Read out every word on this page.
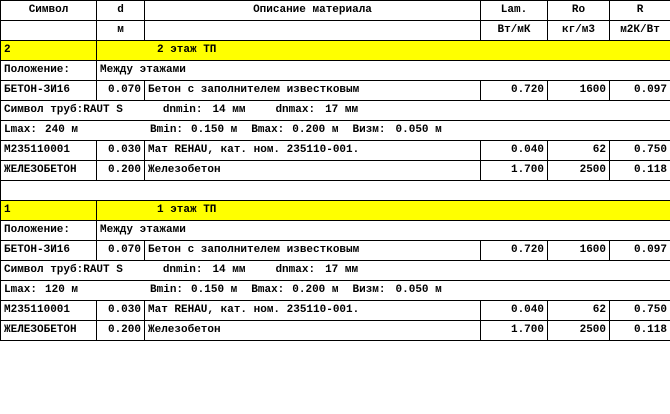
Символ	d	Описание материала	Lam.	Ro	R
	м		Вт/мК	кг/м3	м2К/Вт
2	2 этаж ТП				
Положение:	Между этажами				
БЕТОН-ЗИ16	0.070	Бетон с заполнителем известковым	0.720	1600	0.097
Символ труб:RAUT S dnmin: 14 мм dnmax: 17 мм					
Lmax: 240 м Bmin: 0.150 м Bmax: 0.200 м Визм: 0.050 м					
M235110001	0.030	Мат REHAU, кат. ном. 235110-001.	0.040	62	0.750
ЖЕЛЕЗОБЕТОН	0.200	Железобетон	1.700	2500	0.118

1	1 этаж ТП				
Положение:	Между этажами				
БЕТОН-ЗИ16	0.070	Бетон с заполнителем известковым	0.720	1600	0.097
Символ труб:RAUT S dnmin: 14 мм dnmax: 17 мм					
Lmax: 120 м Bmin: 0.150 м Bmax: 0.200 м Визм: 0.050 м					
M235110001	0.030	Мат REHAU, кат. ном. 235110-001.	0.040	62	0.750
ЖЕЛЕЗОБЕТОН	0.200	Железобетон	1.700	2500	0.118
